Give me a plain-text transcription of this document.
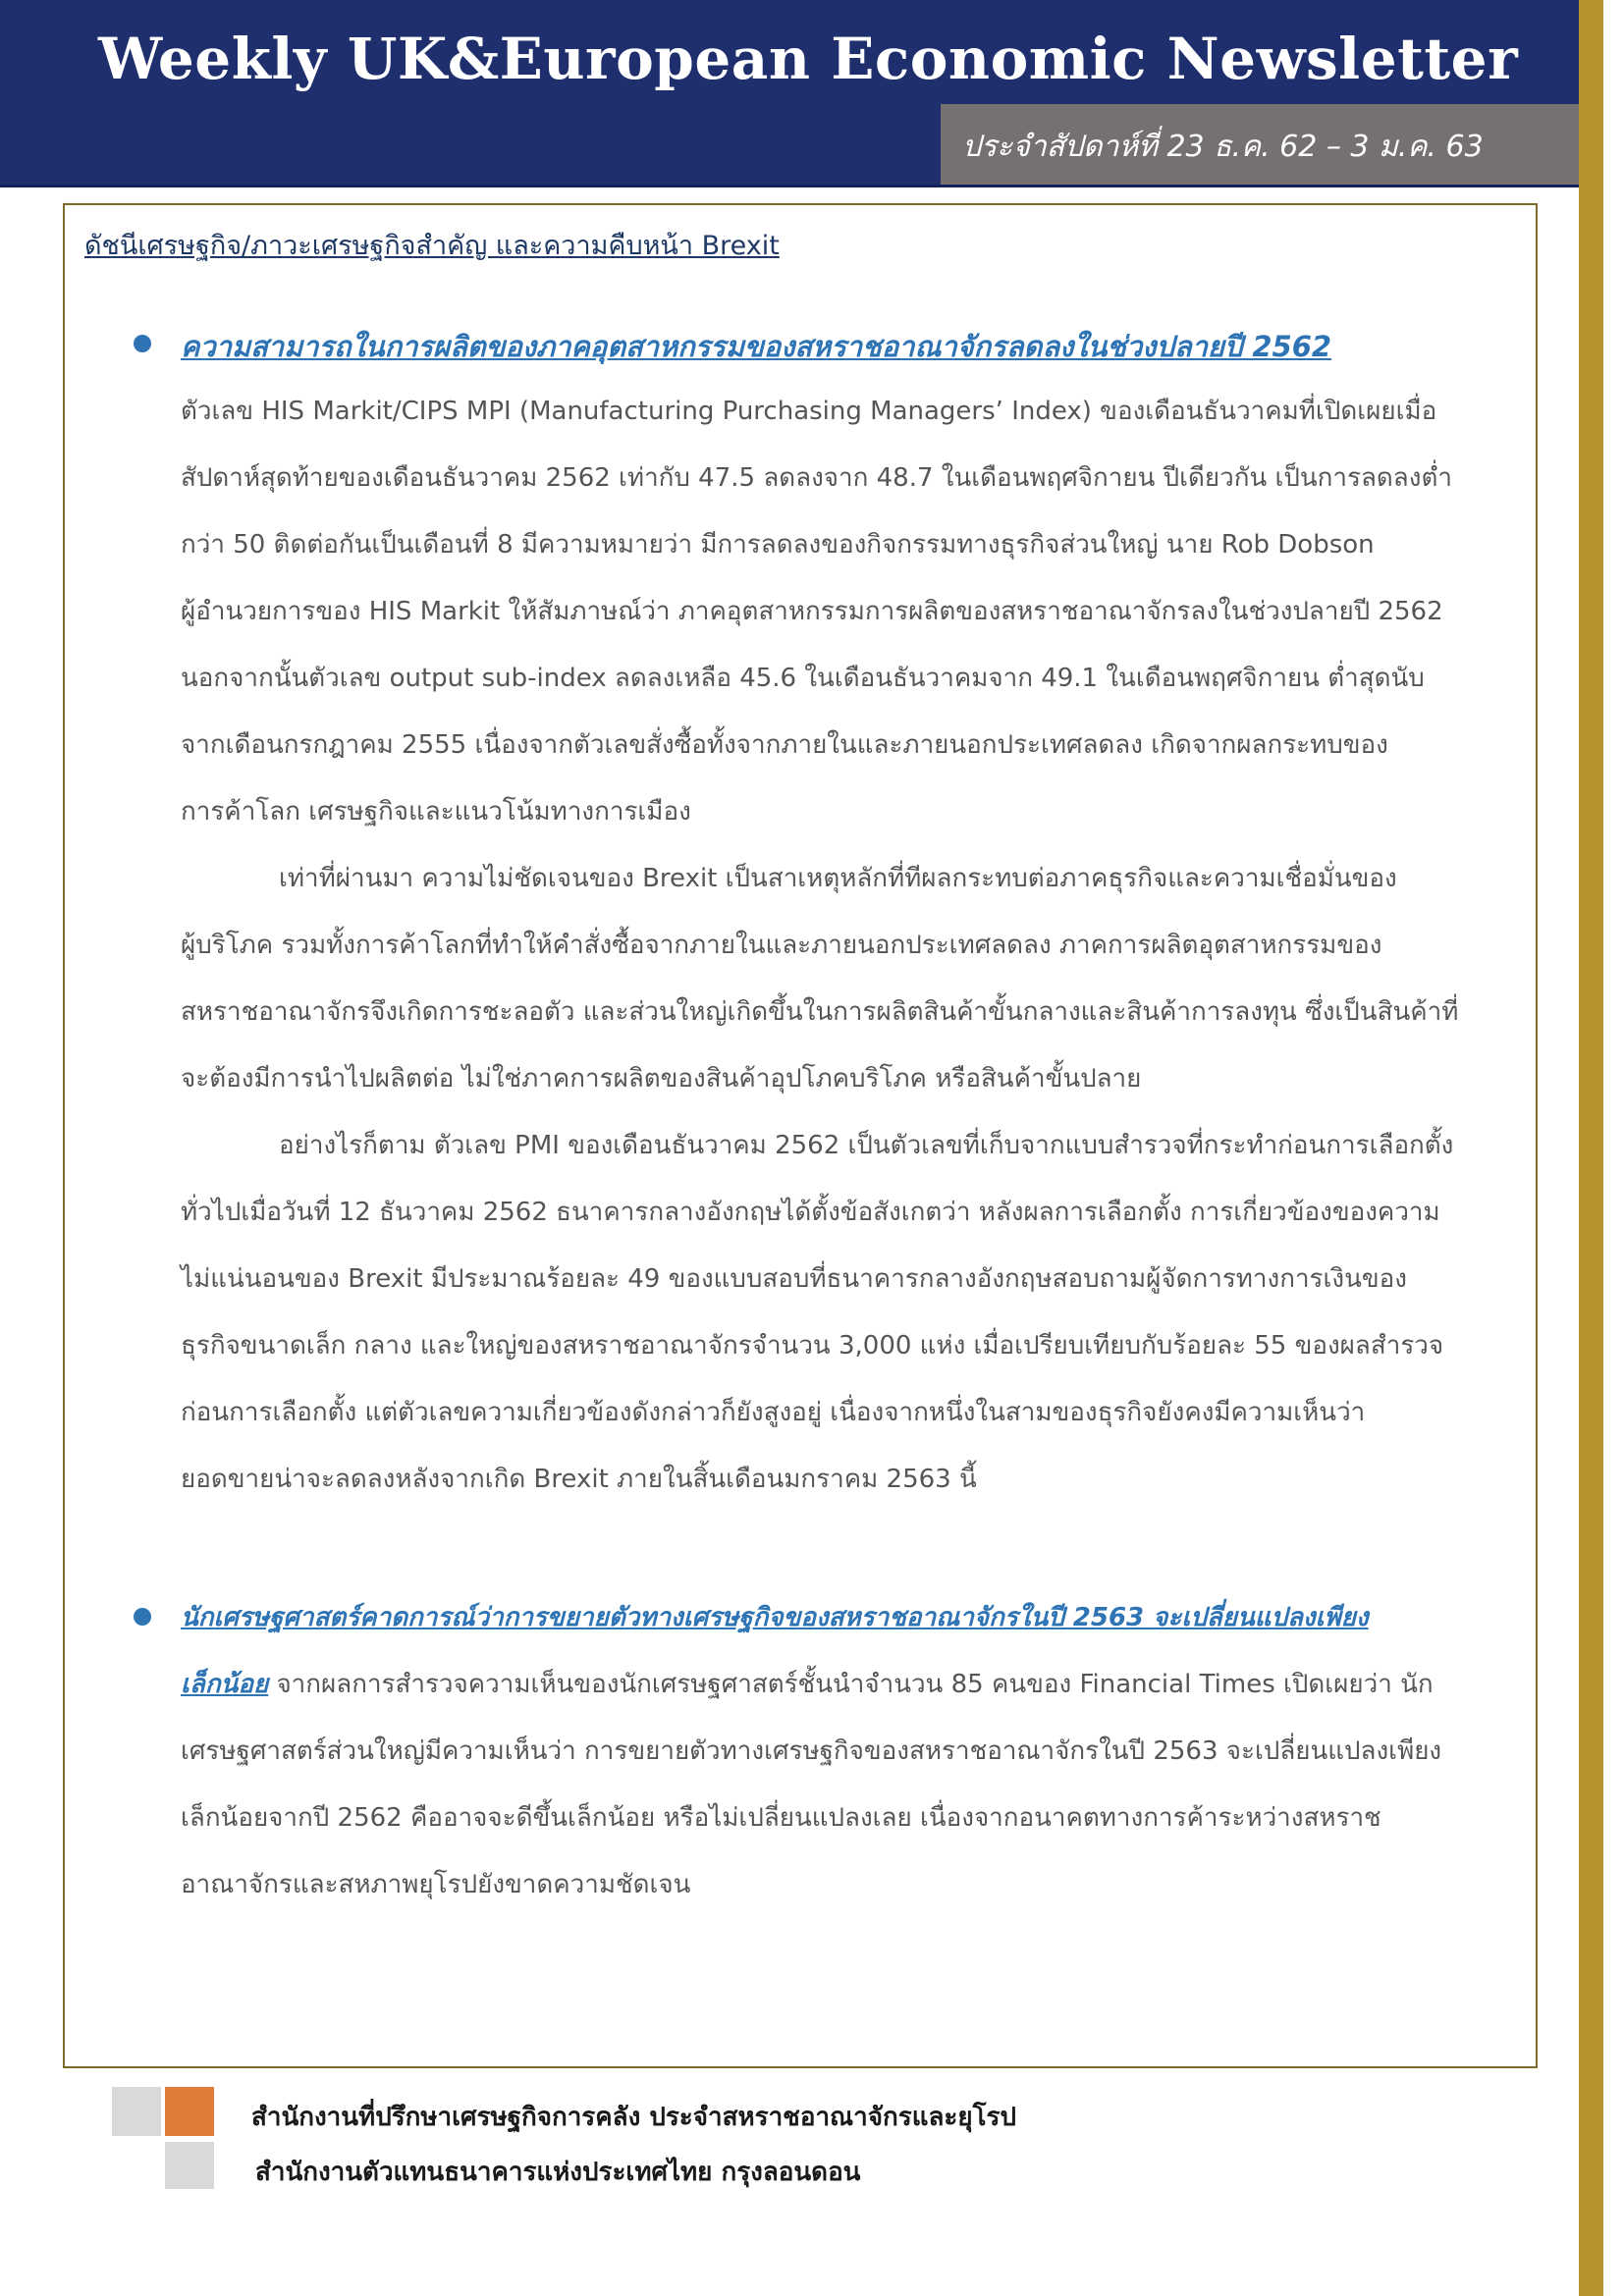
Weekly UK&European Economic Newsletter
ประจำสัปดาห์ที่ 23 ธ.ค. 62 – 3 ม.ค. 63
ดัชนีเศรษฐกิจ/ภาวะเศรษฐกิจสำคัญ และความคืบหน้า Brexit
ความสามารถในการผลิตของภาคอุตสาหกรรมของสหราชอาณาจักรลดลงในช่วงปลายปี 2562
ตัวเลข HIS Markit/CIPS MPI (Manufacturing Purchasing Managers’ Index) ของเดือนธันวาคมที่เปิดเผยเมื่อ
สัปดาห์สุดท้ายของเดือนธันวาคม 2562 เท่ากับ 47.5 ลดลงจาก 48.7 ในเดือนพฤศจิกายน ปีเดียวกัน เป็นการลดลงต่ำ
กว่า 50 ติดต่อกันเป็นเดือนที่ 8 มีความหมายว่า มีการลดลงของกิจกรรมทางธุรกิจส่วนใหญ่ นาย Rob Dobson
ผู้อำนวยการของ HIS Markit ให้สัมภาษณ์ว่า ภาคอุตสาหกรรมการผลิตของสหราชอาณาจักรลงในช่วงปลายปี 2562
นอกจากนั้นตัวเลข output sub-index ลดลงเหลือ 45.6 ในเดือนธันวาคมจาก 49.1 ในเดือนพฤศจิกายน ต่ำสุดนับ
จากเดือนกรกฎาคม 2555 เนื่องจากตัวเลขสั่งซื้อทั้งจากภายในและภายนอกประเทศลดลง เกิดจากผลกระทบของ
การค้าโลก เศรษฐกิจและแนวโน้มทางการเมือง
เท่าที่ผ่านมา ความไม่ชัดเจนของ Brexit เป็นสาเหตุหลักที่ทีผลกระทบต่อภาคธุรกิจและความเชื่อมั่นของ
ผู้บริโภค รวมทั้งการค้าโลกที่ทำให้คำสั่งซื้อจากภายในและภายนอกประเทศลดลง ภาคการผลิตอุตสาหกรรมของ
สหราชอาณาจักรจึงเกิดการชะลอตัว และส่วนใหญ่เกิดขึ้นในการผลิตสินค้าขั้นกลางและสินค้าการลงทุน ซึ่งเป็นสินค้าที่
จะต้องมีการนำไปผลิตต่อ ไม่ใช่ภาคการผลิตของสินค้าอุปโภคบริโภค หรือสินค้าขั้นปลาย
อย่างไรก็ตาม ตัวเลข PMI ของเดือนธันวาคม 2562 เป็นตัวเลขที่เก็บจากแบบสำรวจที่กระทำก่อนการเลือกตั้ง
ทั่วไปเมื่อวันที่ 12 ธันวาคม 2562 ธนาคารกลางอังกฤษได้ตั้งข้อสังเกตว่า หลังผลการเลือกตั้ง การเกี่ยวข้องของความ
ไม่แน่นอนของ Brexit มีประมาณร้อยละ 49 ของแบบสอบที่ธนาคารกลางอังกฤษสอบถามผู้จัดการทางการเงินของ
ธุรกิจขนาดเล็ก กลาง และใหญ่ของสหราชอาณาจักรจำนวน 3,000 แห่ง เมื่อเปรียบเทียบกับร้อยละ 55 ของผลสำรวจ
ก่อนการเลือกตั้ง แต่ตัวเลขความเกี่ยวข้องดังกล่าวก็ยังสูงอยู่ เนื่องจากหนึ่งในสามของธุรกิจยังคงมีความเห็นว่า
ยอดขายน่าจะลดลงหลังจากเกิด Brexit ภายในสิ้นเดือนมกราคม 2563 นี้
นักเศรษฐศาสตร์คาดการณ์ว่าการขยายตัวทางเศรษฐกิจของสหราชอาณาจักรในปี 2563 จะเปลี่ยนแปลงเพียง
เล็กน้อย จากผลการสำรวจความเห็นของนักเศรษฐศาสตร์ชั้นนำจำนวน 85 คนของ Financial Times เปิดเผยว่า นัก
เศรษฐศาสตร์ส่วนใหญ่มีความเห็นว่า การขยายตัวทางเศรษฐกิจของสหราชอาณาจักรในปี 2563 จะเปลี่ยนแปลงเพียง
เล็กน้อยจากปี 2562 คืออาจจะดีขึ้นเล็กน้อย หรือไม่เปลี่ยนแปลงเลย เนื่องจากอนาคตทางการค้าระหว่างสหราช
อาณาจักรและสหภาพยุโรปยังขาดความชัดเจน
สำนักงานที่ปรึกษาเศรษฐกิจการคลัง ประจำสหราชอาณาจักรและยุโรป
สำนักงานตัวแทนธนาคารแห่งประเทศไทย กรุงลอนดอน
